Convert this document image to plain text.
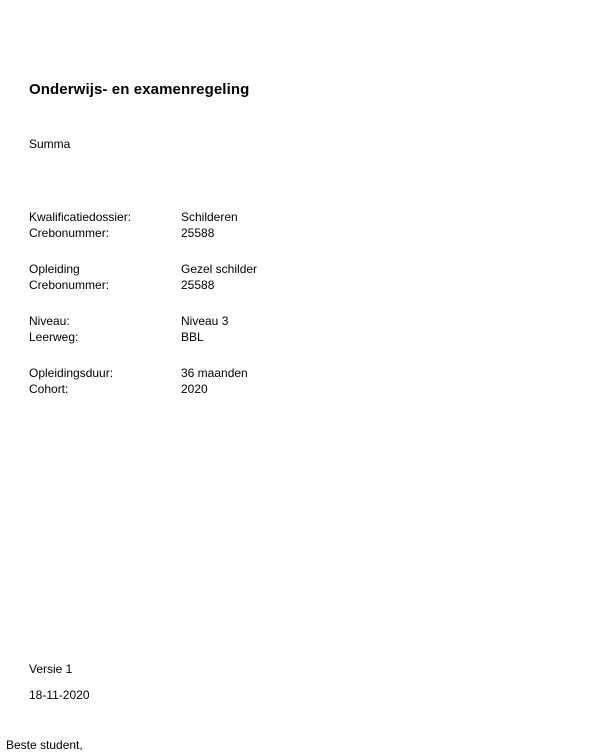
Onderwijs- en examenregeling
Summa
Kwalificatiedossier:	Schilderen
Crebonummer:	25588
Opleiding	Gezel schilder
Crebonummer:	25588
Niveau:	Niveau 3
Leerweg:	BBL
Opleidingsduur:	36 maanden
Cohort:	2020
Versie 1
18-11-2020
Beste student,
